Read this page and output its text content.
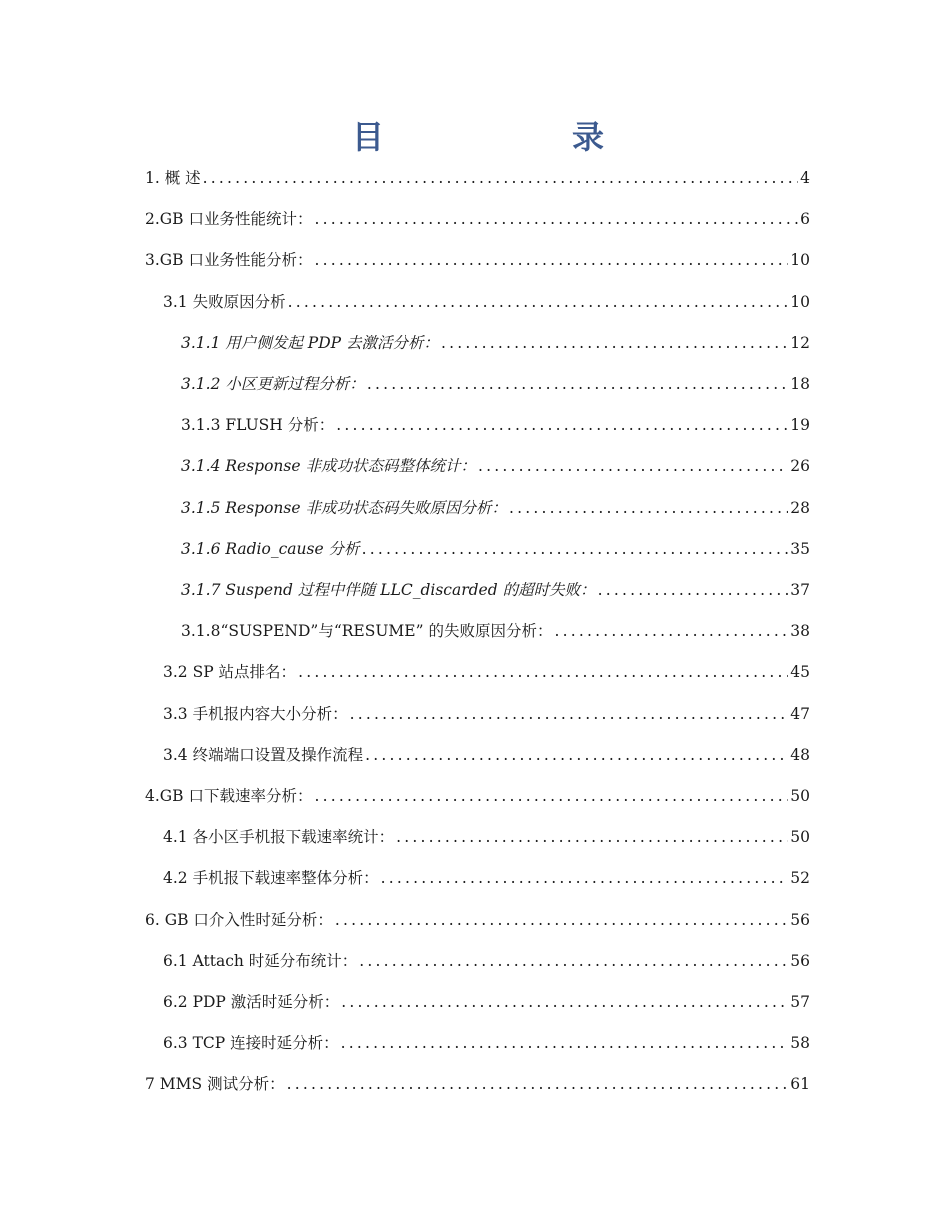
目	录
1. 概 述 .....	4
2.GB 口业务性能统计： .....	6
3.GB 口业务性能分析： .....	10
3.1 失败原因分析 .....	10
3.1.1 用户侧发起 PDP 去激活分析： .....	12
3.1.2 小区更新过程分析： .....	18
3.1.3 FLUSH 分析： .....	19
3.1.4 Response 非成功状态码整体统计： .....	26
3.1.5 Response 非成功状态码失败原因分析： .....	28
3.1.6 Radio_cause 分析 .....	35
3.1.7 Suspend 过程中伴随 LLC_discarded 的超时失败： .....	37
3.1.8“SUSPEND”与“RESUME” 的失败原因分析： .....	38
3.2 SP 站点排名： .....	45
3.3 手机报内容大小分析： .....	47
3.4 终端端口设置及操作流程 .....	48
4.GB 口下载速率分析： .....	50
4.1 各小区手机报下载速率统计： .....	50
4.2 手机报下载速率整体分析： .....	52
6. GB 口介入性时延分析： .....	56
6.1 Attach 时延分布统计： .....	56
6.2 PDP 激活时延分析： .....	57
6.3 TCP 连接时延分析： .....	58
7 MMS 测试分析： .....	61
